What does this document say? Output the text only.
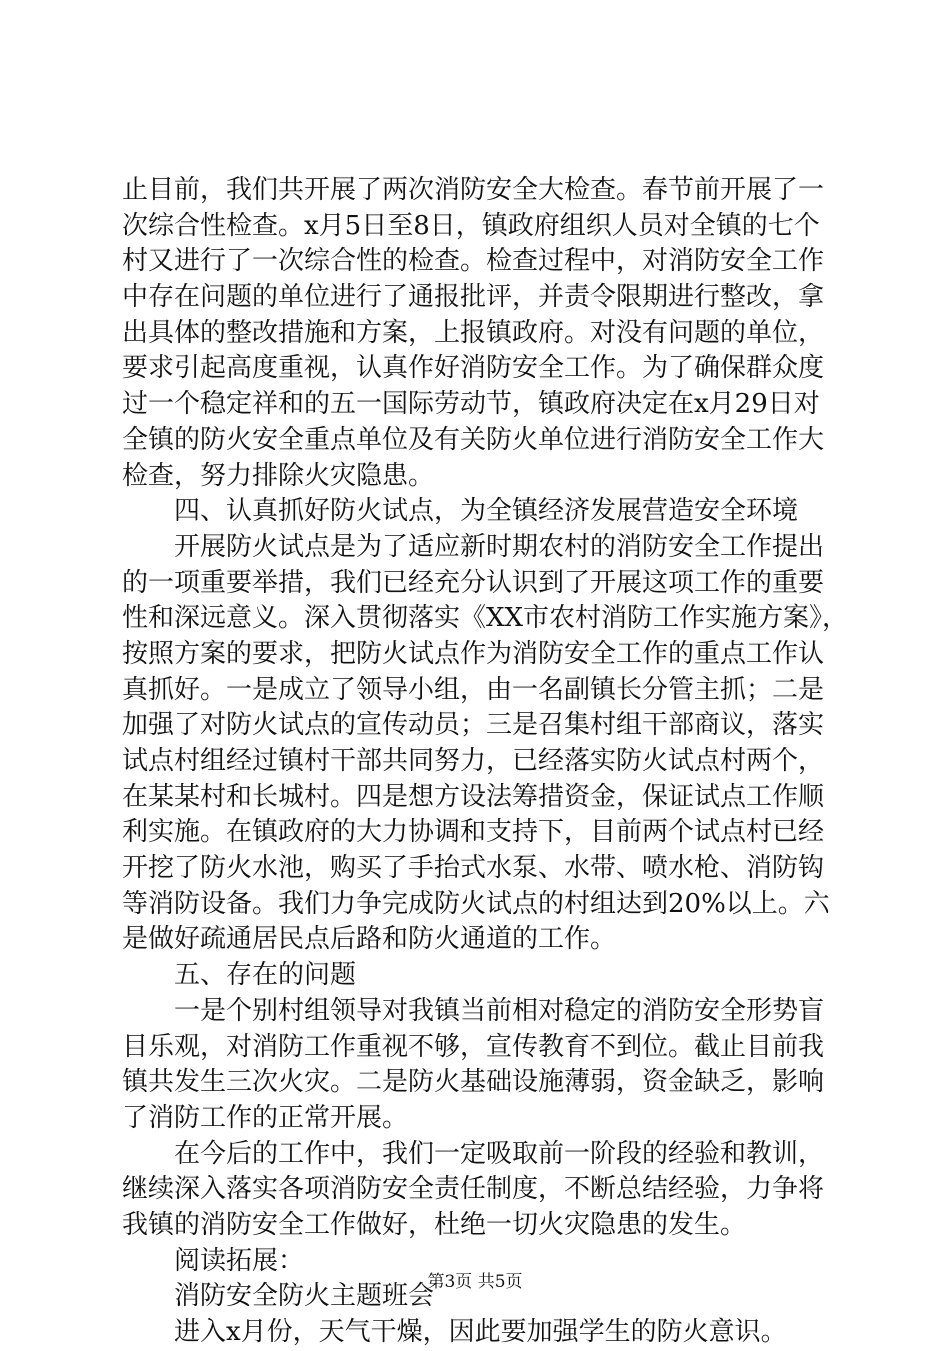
止目前，我们共开展了两次消防安全大检查。春节前开展了一
次综合性检查。x月5日至8日，镇政府组织人员对全镇的七个
村又进行了一次综合性的检查。检查过程中，对消防安全工作
中存在问题的单位进行了通报批评，并责令限期进行整改，拿
出具体的整改措施和方案，上报镇政府。对没有问题的单位，
要求引起高度重视，认真作好消防安全工作。为了确保群众度
过一个稳定祥和的五一国际劳动节，镇政府决定在x月29日对
全镇的防火安全重点单位及有关防火单位进行消防安全工作大
检查，努力排除火灾隐患。
四、认真抓好防火试点，为全镇经济发展营造安全环境
开展防火试点是为了适应新时期农村的消防安全工作提出
的一项重要举措，我们已经充分认识到了开展这项工作的重要
性和深远意义。深入贯彻落实《XX市农村消防工作实施方案》，
按照方案的要求，把防火试点作为消防安全工作的重点工作认
真抓好。一是成立了领导小组，由一名副镇长分管主抓；二是
加强了对防火试点的宣传动员；三是召集村组干部商议，落实
试点村组经过镇村干部共同努力，已经落实防火试点村两个，
在某某村和长城村。四是想方设法筹措资金，保证试点工作顺
利实施。在镇政府的大力协调和支持下，目前两个试点村已经
开挖了防火水池，购买了手抬式水泵、水带、喷水枪、消防钩
等消防设备。我们力争完成防火试点的村组达到20%以上。六
是做好疏通居民点后路和防火通道的工作。
五、存在的问题
一是个别村组领导对我镇当前相对稳定的消防安全形势盲
目乐观，对消防工作重视不够，宣传教育不到位。截止目前我
镇共发生三次火灾。二是防火基础设施薄弱，资金缺乏，影响
了消防工作的正常开展。
在今后的工作中，我们一定吸取前一阶段的经验和教训，
继续深入落实各项消防安全责任制度，不断总结经验，力争将
我镇的消防安全工作做好，杜绝一切火灾隐患的发生。
阅读拓展：
消防安全防火主题班会
进入x月份，天气干燥，因此要加强学生的防火意识。
第3页 共5页
